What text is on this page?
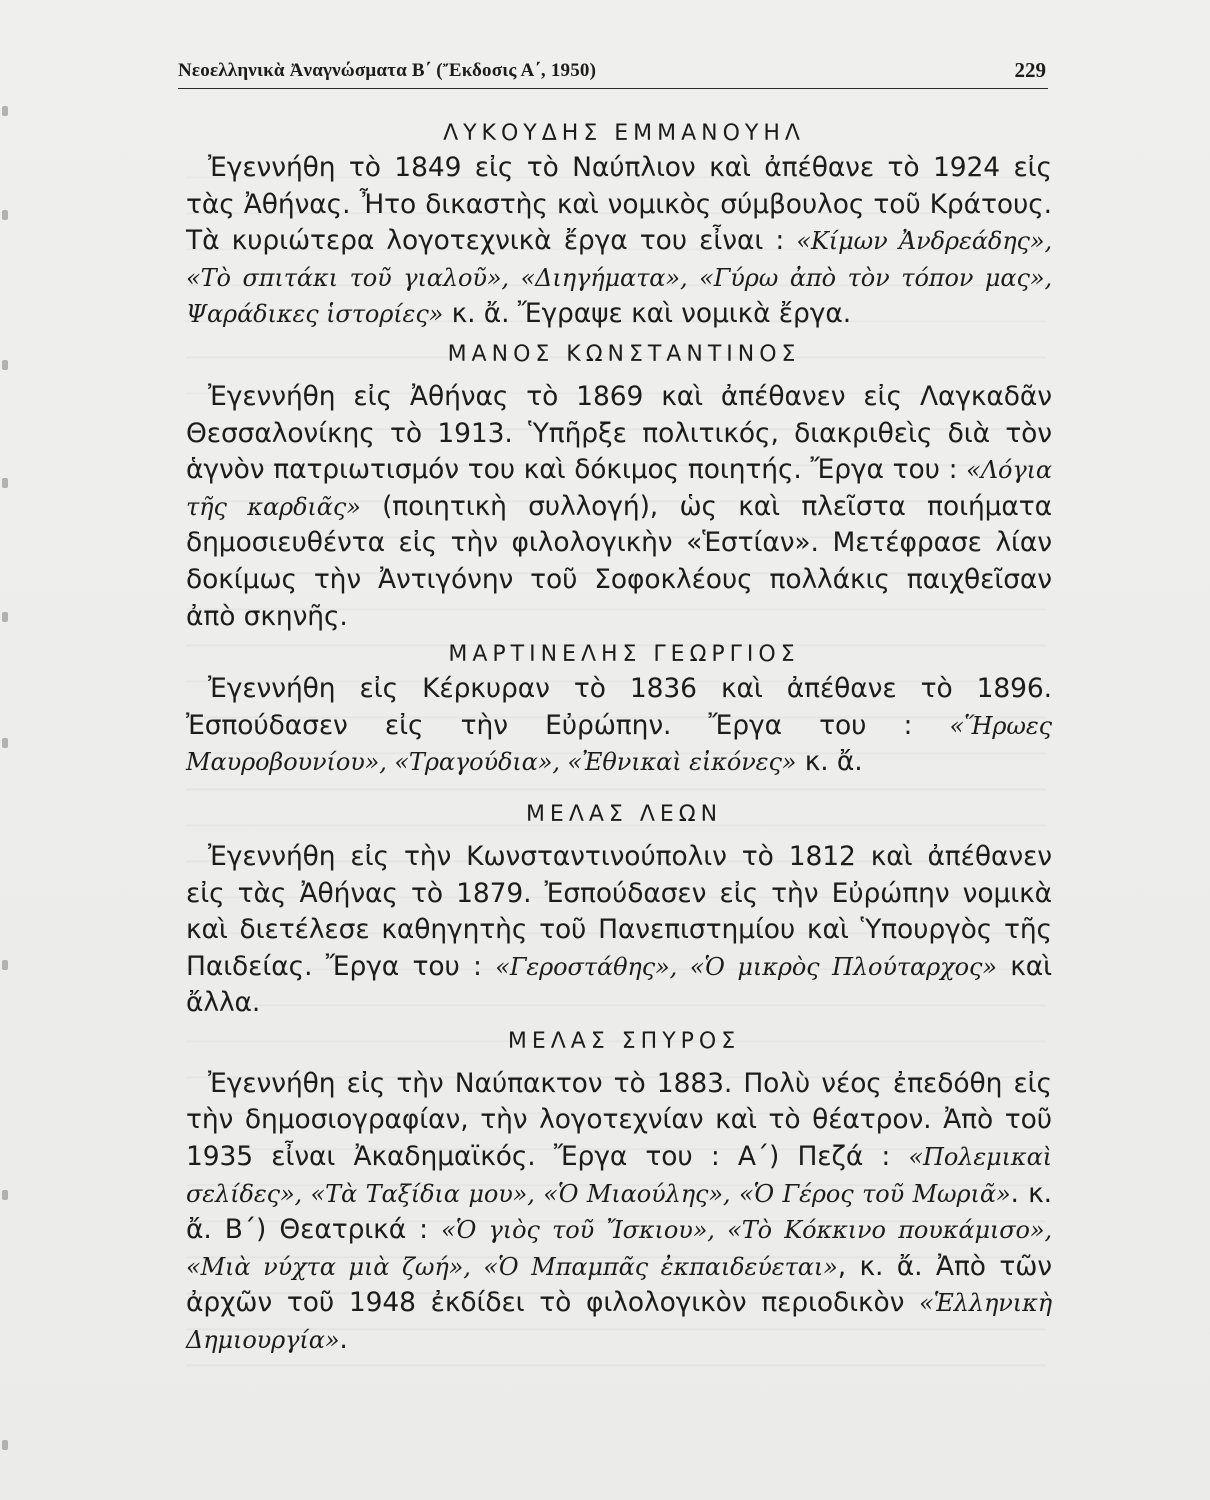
Νεοελληνικὰ Ἀναγνώσματα Β΄ (Ἔκδοσις Α΄, 1950)	229
ΛΥΚΟΥΔΗΣ ΕΜΜΑΝΟΥΗΛ

Ἐγεννήθη τὸ 1849 εἰς τὸ Ναύπλιον καὶ ἀπέθανε τὸ 1924 εἰς τὰς Ἀθήνας. Ἦτο δικαστὴς καὶ νομικὸς σύμβουλος τοῦ Κράτους. Τὰ κυριώτερα λογοτεχνικὰ ἔργα του εἶναι : «Κίμων Ἀνδρεάδης», «Τὸ σπιτάκι τοῦ γιαλοῦ», «Διηγήματα», «Γύρω ἀπὸ τὸν τόπον μας», Ψαράδικες ἱστορίες» κ. ἄ. Ἔγραψε καὶ νομικὰ ἔργα.

ΜΑΝΟΣ ΚΩΝΣΤΑΝΤΙΝΟΣ

Ἐγεννήθη εἰς Ἀθήνας τὸ 1869 καὶ ἀπέθανεν εἰς Λαγκαδᾶν Θεσσαλονίκης τὸ 1913. Ὑπῆρξε πολιτικός, διακριθεὶς διὰ τὸν ἁγνὸν πατριωτισμόν του καὶ δόκιμος ποιητής. Ἔργα του : «Λόγια τῆς καρδιᾶς» (ποιητικὴ συλλογή), ὡς καὶ πλεῖστα ποιήματα δημοσιευθέντα εἰς τὴν φιλολογικὴν «Ἑστίαν». Μετέφρασε λίαν δοκίμως τὴν Ἀντιγόνην τοῦ Σοφοκλέους πολλάκις παιχθεῖσαν ἀπὸ σκηνῆς.

ΜΑΡΤΙΝΕΛΗΣ ΓΕΩΡΓΙΟΣ

Ἐγεννήθη εἰς Κέρκυραν τὸ 1836 καὶ ἀπέθανε τὸ 1896. Ἐσπούδασεν εἰς τὴν Εὐρώπην. Ἔργα του : «Ἥρωες Μαυροβουνίου», «Τραγούδια», «Ἐθνικαὶ εἰκόνες» κ. ἄ.

ΜΕΛΑΣ ΛΕΩΝ

Ἐγεννήθη εἰς τὴν Κωνσταντινούπολιν τὸ 1812 καὶ ἀπέθανεν εἰς τὰς Ἀθήνας τὸ 1879. Ἐσπούδασεν εἰς τὴν Εὐρώπην νομικὰ καὶ διετέλεσε καθηγητὴς τοῦ Πανεπιστημίου καὶ Ὑπουργὸς τῆς Παιδείας. Ἔργα του : «Γεροστάθης», «Ὁ μικρὸς Πλούταρχος» καὶ ἄλλα.

ΜΕΛΑΣ ΣΠΥΡΟΣ

Ἐγεννήθη εἰς τὴν Ναύπακτον τὸ 1883. Πολὺ νέος ἐπεδόθη εἰς τὴν δημοσιογραφίαν, τὴν λογοτεχνίαν καὶ τὸ θέατρον. Ἀπὸ τοῦ 1935 εἶναι Ἀκαδημαϊκός. Ἔργα του : Α΄) Πεζά : «Πολεμικαὶ σελίδες», «Τὰ Ταξίδια μου», «Ὁ Μιαούλης», «Ὁ Γέρος τοῦ Μωριᾶ». κ. ἄ. Β΄) Θεατρικά : «Ὁ γιὸς τοῦ Ἴσκιου», «Τὸ Κόκκινο πουκάμισο», «Μιὰ νύχτα μιὰ ζωή», «Ὁ Μπαμπᾶς ἐκπαιδεύεται», κ. ἄ. Ἀπὸ τῶν ἀρχῶν τοῦ 1948 ἐκδίδει τὸ φιλολογικὸν περιοδικὸν «Ἑλληνικὴ Δημιουργία».
